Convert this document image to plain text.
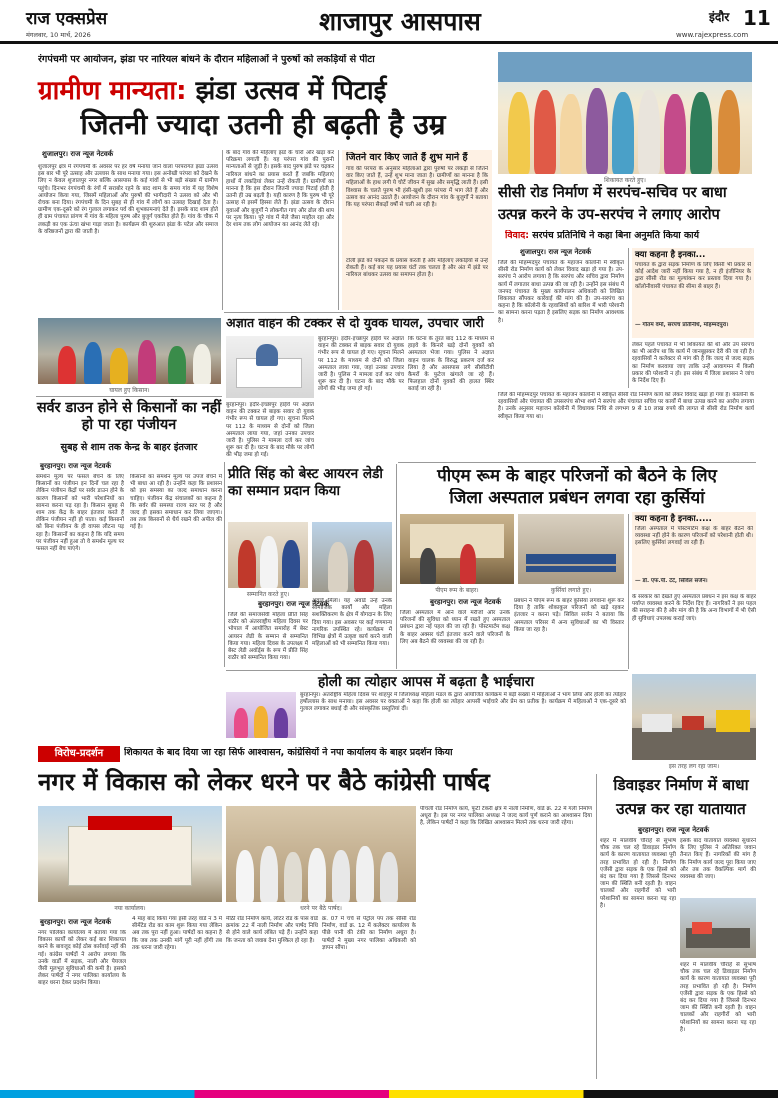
राज एक्सप्रेस
मंगलवार, 10 मार्च, 2026	शाजापुर आसपास	इंदौर 11
www.rajexpress.com
रंगपंचमी पर आयोजन, झंडा पर नारियल बांधने के दौरान महिलाओं ने पुरुषों को लकड़ियों से पीटा
ग्रामीण मान्यता: झंडा उत्सव में पिटाई
जितनी ज्यादा उतनी ही बढ़ती है उम्र
शुजालपुर। राज न्यूज नेटवर्क
शुजालपुर क्षेत्र में रंगपंचमी के अवसर पर हर वर्ष मनाया जाने वाला परंपरागत झंडा उत्सव इस बार भी पूरे उत्साह और उल्लास के साथ मनाया गया। इस अनोखी परंपरा को देखने के लिए न केवल शुजालपुर नगर बल्कि आसपास के कई गांवों से भी बड़ी संख्या में ग्रामीण पहुंचे। दिनभर रंगपंचमी के रंगों में सराबोर रहने के बाद शाम के समय गांव में यह विशेष आयोजन किया गया, जिसमें महिलाओं और पुरुषों की भागीदारी ने उत्सव को और भी रोचक बना दिया। रंगपंचमी के दिन सुबह से ही गांव में लोगों का उत्साह दिखाई देता है। ग्रामीण एक-दूसरे को रंग गुलाल लगाकर पर्व की शुभकामनाएं देते हैं। इसके बाद शाम होते ही ग्राम पंचायत प्रांगण में गांव के महिला पुरुष और बुजुर्ग एकत्रित होते हैं। गांव के चौक में लकड़ी का एक ऊंचा खंभा गाड़ा जाता है। कार्यक्रम की शुरुआत झंडा के पटेल और समाज के वरिष्ठजनों द्वारा की जाती है।
के बाद गांव की महिलाएं झंडे के चारों ओर खड़ा कर परिक्रमा लगाती हैं। यह परंपरा गांव की पुरानी मान्यताओं से जुड़ी है। इसके बाद पुरुष झंडे पर चढ़कर नारियल बांधने का प्रयास करते हैं जबकि महिलाएं हाथों में लकड़ियां लेकर उन्हें रोकती हैं। ग्रामीणों का मानना है कि इस दौरान जितनी ज्यादा पिटाई होती है उतनी ही उम्र बढ़ती है। यही कारण है कि पुरुष भी पूरे उत्साह से इसमें हिस्सा लेते हैं। झंडा उत्सव के दौरान युवाओं और बुजुर्गों ने लोकगीत गाए और ढोल की थाप पर नृत्य किया। पूरे गांव में मेले जैसा माहौल रहा और देर शाम तक लोग आयोजन का आनंद लेते रहे।
जितने वार किए जाते हैं शुभ माने हैं
गांव की परंपरा के अनुसार महिलाओं द्वारा पुरुषों पर लकड़ी से जितने वार किए जाते हैं, उन्हें शुभ माना जाता है। ग्रामीणों का मानना है कि महिलाओं के हाथ लगी ये चोटें जीवन में सुख और समृद्धि लाती हैं। इसी विश्वास के चलते पुरुष भी हंसी-खुशी इस परंपरा में भाग लेते हैं और उत्सव का आनंद उठाते हैं। आयोजन के दौरान गांव के बुजुर्गों ने बताया कि यह परंपरा सैकड़ों वर्षों से चली आ रही है।
टोली झंडे को पकड़ने के प्रयास करती है और महिलाएं लकड़ियों से उन्हें रोकती हैं। कई बार यह प्रयास घंटों तक चलता है और अंत में झंडे पर नारियल बांधकर उत्सव का समापन होता है।
घायल हुए किसान।
शिकायत करते हुए।
सीसी रोड निर्माण में सरपंच-सचिव पर बाधा
उत्पन्न करने के उप-सरपंच ने लगाए आरोप
विवाद: सरपंच प्रतिनिधि ने कहा बिना अनुमति किया कार्य
शुजालपुर। राज न्यूज नेटवर्क
जिले की मोहम्मदपुर पंचायत के महाजन कॉलोनी में स्वीकृत सीसी रोड निर्माण कार्य को लेकर विवाद खड़ा हो गया है। उप-सरपंच ने आरोप लगाया है कि सरपंच और सचिव द्वारा निर्माण कार्य में लगातार बाधा उत्पन्न की जा रही है। उन्होंने इस संबंध में जनपद पंचायत के मुख्य कार्यपालन अधिकारी को लिखित शिकायत सौंपकर कार्रवाई की मांग की है। उप-सरपंच का कहना है कि कॉलोनी के रहवासियों को बारिश में भारी परेशानी का सामना करना पड़ता है इसलिए सड़क का निर्माण आवश्यक है।
क्या कहना है इनका...
पंचायत के द्वारा सड़क निर्माण के लिए किसी भी प्रकार से कोई आदेश जारी नहीं किया गया है, न ही इंजीनियर के द्वारा सीसी रोड का मूल्यांकन कर प्रस्ताव दिया गया है। कॉलोनीवासी पंचायत की सीमा से बाहर हैं।
— गौतम वर्मा, सरपंच प्रतिनिधि, मोहम्मदपुरा।
लेकर पहले पंचायत में भी शिकायत की थी और उप सरपंच का भी आरोप था कि कार्य में जानबूझकर देरी की जा रही है। रहवासियों ने कलेक्टर से मांग की है कि जल्द से जल्द सड़क का निर्माण करवाया जाए ताकि उन्हें आवागमन में किसी प्रकार की परेशानी न हो। इस संबंध में जिला प्रशासन ने जांच के निर्देश दिए हैं।
जिले की मोहम्मदपुर पंचायत के महाजन कॉलोनी में स्वीकृत सीसी रोड निर्माण कार्य को लेकर विवाद खड़ा हो गया है। कॉलोनी के रहवासियों और पंचायत की उपसरपंच सोभा शर्मा ने सरपंच और पंचायत सचिव पर कार्यों में बाधा उत्पन्न करने का आरोप लगाया है। उनके अनुसार महाजन कॉलोनी में विधायक निधि से लगभग 9 से 10 लाख रुपये की लागत से सीसी रोड निर्माण कार्य स्वीकृत किया गया था।
अज्ञात वाहन की टक्कर से दो युवक घायल, उपचार जारी
बुरहानपुर। इंदौर-इच्छापुर हाईवे पर अज्ञात वाहन की टक्कर से बाइक सवार दो युवक गंभीर रूप से घायल हो गए। सूचना मिलने पर 112 के माध्यम से दोनों को जिला अस्पताल लाया गया, जहां उनका उपचार जारी है। पुलिस ने मामला दर्ज कर जांच शुरू कर दी है। घटना के बाद मौके पर लोगों की भीड़ जमा हो गई।
कि घटना के तुरंत बाद 112 के माध्यम से हाइवे के किनारे खड़े दोनों युवकों को अस्पताल भेजा गया। पुलिस ने अज्ञात वाहन चालक के विरुद्ध प्रकरण दर्ज कर लिया है और आसपास लगे सीसीटीवी कैमरों के फुटेज खंगाले जा रहे हैं। फिलहाल दोनों युवकों की हालत स्थिर बताई जा रही है।
बुरहानपुर। इंदौर-इच्छापुर हाईवे पर अज्ञात वाहन की टक्कर से बाइक सवार दो युवक गंभीर रूप से घायल हो गए। सूचना मिलने पर 112 के माध्यम से दोनों को जिला अस्पताल लाया गया, जहां उनका उपचार जारी है। पुलिस ने मामला दर्ज कर जांच शुरू कर दी है। घटना के बाद मौके पर लोगों की भीड़ जमा हो गई।
सर्वर डाउन होने से किसानों का नहीं हो पा रहा पंजीयन
सुबह से शाम तक केन्द्र के बाहर इंतजार
बुरहानपुर। राज न्यूज नेटवर्क
समर्थन मूल्य पर फसल बेचने के लिए किसानों का पंजीयन इन दिनों चल रहा है लेकिन पंजीयन केंद्रों पर सर्वर डाउन होने के कारण किसानों को भारी परेशानियों का सामना करना पड़ रहा है। किसान सुबह से शाम तक केंद्र के बाहर इंतजार करते हैं लेकिन पंजीयन नहीं हो पाता। कई किसानों को बिना पंजीयन के ही वापस लौटना पड़ रहा है। किसानों का कहना है कि यदि समय पर पंजीयन नहीं हुआ तो वे समर्थन मूल्य पर फसल नहीं बेच पाएंगे।
किसानों का समर्थन मूल्य पर उपज बेचने में भी बाधा आ रही है। उन्होंने कहा कि प्रशासन को इस समस्या का जल्द समाधान करना चाहिए। पंजीयन केंद्र संचालकों का कहना है कि सर्वर की समस्या राज्य स्तर पर है और जल्द ही इसका समाधान कर लिया जाएगा। तब तक किसानों से धैर्य रखने की अपील की गई है।
प्रीति सिंह को बेस्ट आयरन लेडी का सम्मान प्रदान किया
सम्मानित करते हुए।
बुरहानपुर। राज न्यूज नेटवर्क
जिले की समाजसेवी महिला प्रीति सिंह राठौर को अंतरराष्ट्रीय महिला दिवस पर भोपाल में आयोजित समारोह में बेस्ट आयरन लेडी के सम्मान से सम्मानित किया गया। महिला दिवस के उपलक्ष्य में बेस्ट लेडी अवॉर्ड्स के रूप में प्रीति सिंह राठौर को सम्मानित किया गया।
अवार्ड मिला। यह अवार्ड उन्हें उनके सामाजिक कार्यों और महिला सशक्तिकरण के क्षेत्र में योगदान के लिए दिया गया। इस अवसर पर कई गणमान्य नागरिक उपस्थित रहे। कार्यक्रम में विभिन्न क्षेत्रों में उत्कृष्ट कार्य करने वाली महिलाओं को भी सम्मानित किया गया।
पीएम रूम के बाहर परिजनों को बैठने के लिए
जिला अस्पताल प्रबंधन लगवा रहा कुर्सियां
पीएम रूम के बाहर।	कुर्सियां लगाते हुए।
बुरहानपुर। राज न्यूज नेटवर्क
जिला अस्पताल में आने वाले मरीजों और उनके परिजनों की सुविधा को ध्यान में रखते हुए अस्पताल प्रबंधन द्वारा नई पहल की जा रही है। पोस्टमार्टम कक्ष के बाहर अक्सर घंटों इंतजार करने वाले परिजनों के लिए अब बैठने की व्यवस्था की जा रही है।
प्रबंधन ने पीएम रूम के बाहर कुर्सियां लगवाना शुरू कर दिया है ताकि शोकाकुल परिजनों को खड़े रहकर इंतजार न करना पड़े। सिविल सर्जन ने बताया कि अस्पताल परिसर में अन्य सुविधाओं का भी विस्तार किया जा रहा है।
क्या कहना है इनका.....
जिला अस्पताल में पोस्टमार्टम कक्ष के बाहर बैठने की व्यवस्था नहीं होने के कारण परिजनों को परेशानी होती थी। इसलिए कुर्सियां लगवाई जा रही हैं।
— डॉ. एफ.पी. टेटे, सिविल सर्जन।
के सरकार को देखते हुए अस्पताल प्रबंधन ने इस कक्ष के बाहर पर्याप्त व्यवस्था करने के निर्देश दिए हैं। नागरिकों ने इस पहल की सराहना की है और मांग की है कि अन्य विभागों में भी ऐसी ही सुविधाएं उपलब्ध कराई जाएं।
होली का त्योहार आपस में बढ़ता है भाईचारा
बुरहानपुर। अंतर्राष्ट्रीय महिला दिवस पर शाहपुर में जिलाध्यक्ष महिला मंडल के द्वारा आयोजित कार्यक्रम में बड़ी संख्या में महिलाओं ने भाग लिया और होली का त्योहार हर्षोल्लास के साथ मनाया। इस अवसर पर वक्ताओं ने कहा कि होली का त्योहार आपसी भाईचारे और प्रेम का प्रतीक है। कार्यक्रम में महिलाओं ने एक-दूसरे को गुलाल लगाकर बधाई दी और सांस्कृतिक प्रस्तुतियां दीं।
इस तरह लग रहा जाम।
विरोध-प्रदर्शन	शिकायत के बाद दिया जा रहा सिर्फ आश्वासन, कांग्रेसियों ने नपा कार्यालय के बाहर प्रदर्शन किया
नगर में विकास को लेकर धरने पर बैठे कांग्रेसी पार्षद	डिवाइडर निर्माण में बाधा
उत्पन्न कर रहा यातायात
बुरहानपुर। राज न्यूज नेटवर्क
शहर में मालवीय चौराहे से सुभाष चौक तक चल रहे डिवाइडर निर्माण कार्य के कारण यातायात व्यवस्था पूरी तरह प्रभावित हो रही है। निर्माण एजेंसी द्वारा सड़क के एक हिस्से को बंद कर दिया गया है जिससे दिनभर जाम की स्थिति बनी रहती है। वाहन चालकों और राहगीरों को भारी परेशानियों का सामना करना पड़ रहा है।
इसके बाद यातायात व्यवस्था सुधारने के लिए पुलिस ने अतिरिक्त जवान तैनात किए हैं। नागरिकों की मांग है कि निर्माण कार्य जल्द पूरा किया जाए और तब तक वैकल्पिक मार्ग की व्यवस्था की जाए।
शहर में मालवीय चौराहे से सुभाष चौक तक चल रहे डिवाइडर निर्माण कार्य के कारण यातायात व्यवस्था पूरी तरह प्रभावित हो रही है। निर्माण एजेंसी द्वारा सड़क के एक हिस्से को बंद कर दिया गया है जिससे दिनभर जाम की स्थिति बनी रहती है। वाहन चालकों और राहगीरों को भारी परेशानियों का सामना करना पड़ रहा है।
नया कार्यालय।	धरने पर बैठे पार्षद।
पीचली रोड निर्माण कार्य, फूटी टेकरी क्षेत्र में नाली निर्माण, वार्ड क्र. 22 में गली निर्माण अधूरा है। इस पर नगर पालिका अध्यक्ष ने जल्द कार्य पूर्ण कराने का आश्वासन दिया है, लेकिन पार्षदों ने कहा कि लिखित आश्वासन मिलने तक धरना जारी रहेगा।
बुरहानपुर। राज न्यूज नेटवर्क
नगर पालिका कार्यालय में बताया गया कि विकास कार्यों को लेकर कई बार शिकायत करने के बावजूद कोई ठोस कार्रवाई नहीं की गई। कांग्रेस पार्षदों ने आरोप लगाया कि उनके वार्डों में सड़क, नाली और पेयजल जैसी मूलभूत सुविधाओं की कमी है। इसको लेकर पार्षदों ने नगर पालिका कार्यालय के बाहर धरना देकर प्रदर्शन किया।
4 माह बाद किया गया इसी तरह वार्ड नं 3 में सीमेंटेड रोड का काम शुरू किया गया लेकिन अब तक पूरा नहीं हुआ। पार्षदों का कहना है कि जब तक उनकी मांगें पूरी नहीं होंगी तब तक धरना जारी रहेगा।
मीठी रोड निर्माण कार्य, लॉटर रोड के पास वार्ड क्रमांक 22 में नाली निर्माण और पार्षद निधि से होने वाले कार्य लंबित पड़े हैं। उन्होंने कहा कि जनता को जवाब देना मुश्किल हो रहा है।
क्र. 07 में चर्च से पेट्रोल पंप तक सीसी रोड निर्माण, वार्ड क्र. 12 में कलेक्टर कार्यालय के पीछे पानी की टंकी का निर्माण अधूरा है। पार्षदों ने मुख्य नगर पालिका अधिकारी को ज्ञापन सौंपा।
